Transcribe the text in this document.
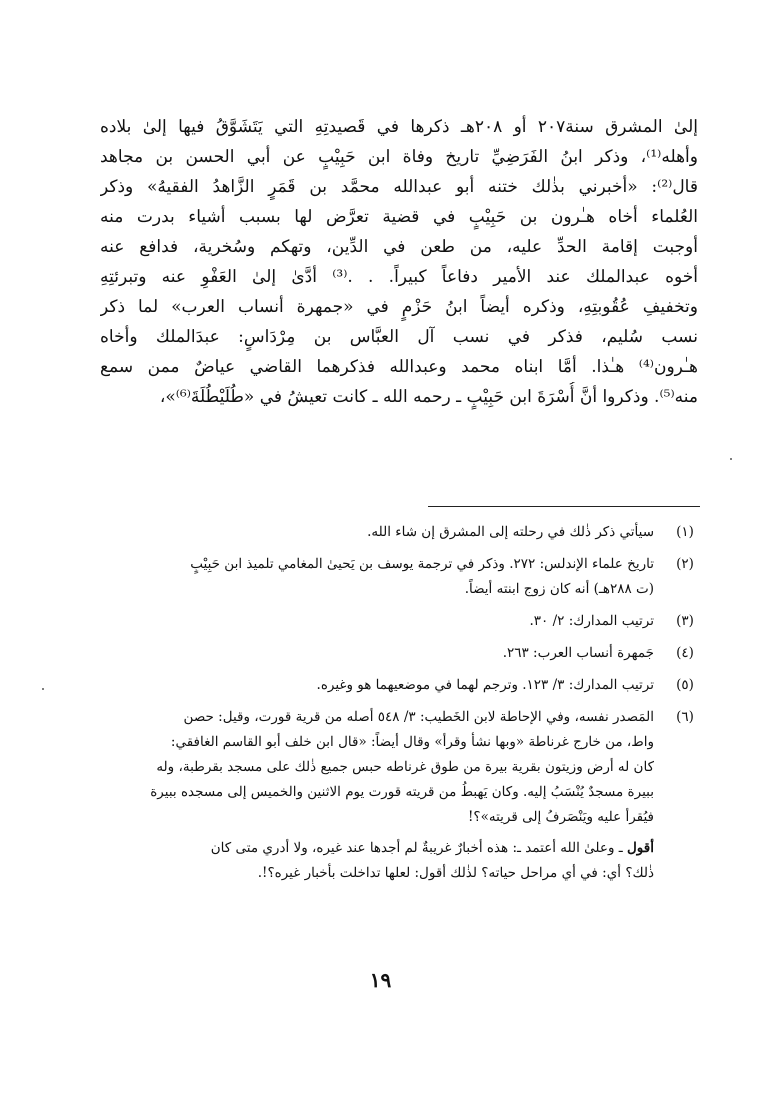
إلىٰ المشرق سنة٢٠٧ أو ٢٠٨هـ ذكرها في قَصيدتِهِ التي يَتَشَوَّقُ فيها إلىٰ بلاده
وأهله⁽¹⁾، وذكر ابنُ الفَرَضِيِّ تاريخ وفاة ابن حَبِيْبٍ عن أبي الحسن بن مجاهد
قال⁽²⁾: «أخبرني بذٰلك ختنه أبو عبدالله محمَّد بن قَمَرٍ الزَّاهدُ الفقيهُ» وذكر
العُلماء أخاه هـٰرون بن حَبِيْبٍ في قضية تعرَّض لها بسبب أشياء بدرت منه
أوجبت إقامة الحدِّ عليه، من طعن في الدِّين، وتهكم وسُخرية، فدافع عنه
أخوه عبدالملك عند الأمير دفاعاً كبيراً. . .⁽³⁾ أدَّىٰ إلىٰ العَفْوِ عنه وتبرئتِهِ
وتخفيفِ عُقُوبتِهِ، وذكره أيضاً ابنُ حَزْمٍ في «جمهرة أنساب العرب» لما ذكر
نسب سُليم، فذكر في نسب آل العبَّاس بن مِرْدَاسٍ: عبدَالملك وأخاه
هـٰرون⁽⁴⁾ هـٰذا. أمَّا ابناه محمد وعبدالله فذكرهما القاضي عياضٌ ممن سمع
منه⁽⁵⁾. وذكروا أنَّ أُسْرَةَ ابن حَبِيْبٍ ـ رحمه الله ـ كانت تعيشُ في «طُلَيْطُلَةَ⁽⁶⁾»،
(١)
سيأتي ذكر ذٰلك في رحلته إلى المشرق إن شاء الله.
(٢)
تاريخ علماء الإندلس: ٢٧٢. وذكر في ترجمة يوسف بن يَحيىٰ المغامي تلميذ ابن حَبِيْبٍ
(ت ٢٨٨هـ) أنه كان زوج ابنته أيضاً.
(٣)
ترتيب المدارك: ٢/ ٣٠.
(٤)
جَمهرة أنساب العرب: ٢٦٣.
(٥)
ترتيب المدارك: ٣/ ١٢٣. وترجم لهما في موضعيهما هو وغيره.
(٦)
المَصدر نفسه، وفي الإحاطة لابن الخَطيب: ٣/ ٥٤٨ أصله من قرية قورت، وقيل: حصن
واط، من خارج غرناطة «وبها نشأ وقرأ» وقال أيضاً: «قال ابن خلف أبو القاسم الغافقي:
كان له أرض وزيتون بقرية بيرة من طوق غرناطه حبس جميع ذٰلك على مسجد بقرطبة، وله
ببيرة مسجدٌ يُنْسَبُ إليه. وكان يَهبطُ من قريته قورت يوم الاثنين والخميس إلى مسجده ببيرة
فيُقرأ عليه ويَنْصَرفُ إلى قريته»؟!
أقول ـ وعلىٰ الله أعتمد ـ: هذه أخبارٌ غريبةٌ لم أجدها عند غيره، ولا أدري متى كان
ذٰلك؟ أي: في أي مراحل حياته؟ لذٰلك أقول: لعلها تداخلت بأخبار غيره؟!.
١٩
